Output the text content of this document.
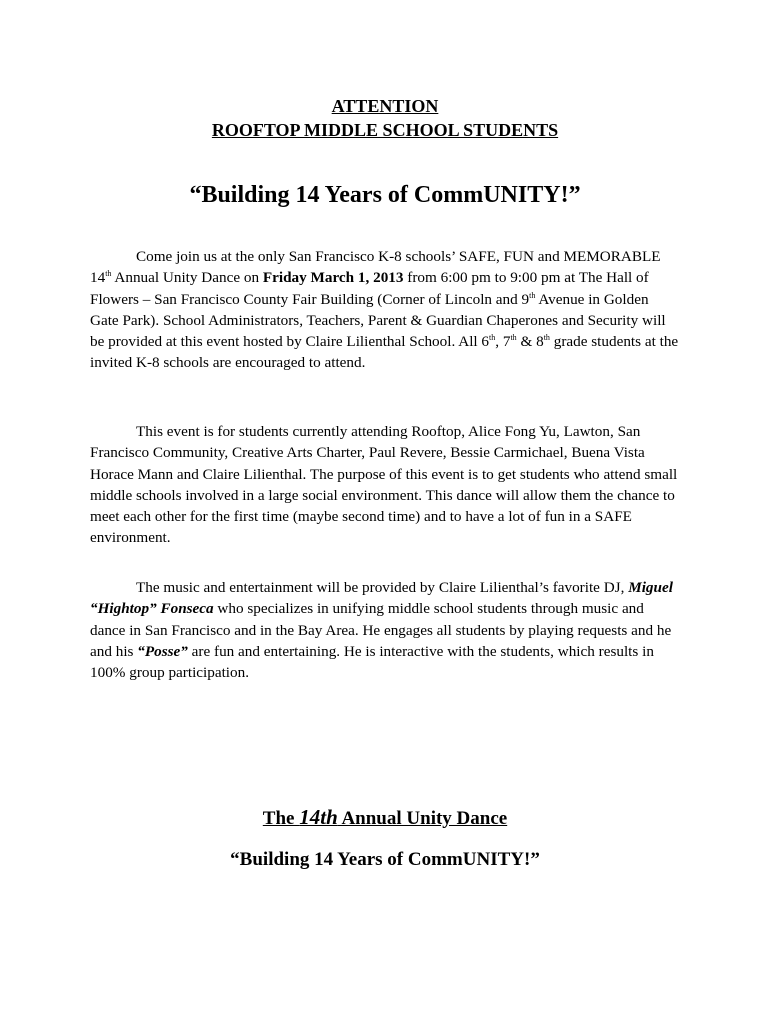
ATTENTION
ROOFTOP MIDDLE SCHOOL STUDENTS
“Building 14 Years of CommUNITY!”

Come join us at the only San Francisco K-8 schools’ SAFE, FUN and MEMORABLE 14th Annual Unity Dance on Friday March 1, 2013 from 6:00 pm to 9:00 pm at The Hall of Flowers – San Francisco County Fair Building (Corner of Lincoln and 9th Avenue in Golden Gate Park). School Administrators, Teachers, Parent & Guardian Chaperones and Security will be provided at this event hosted by Claire Lilienthal School. All 6th, 7th & 8th grade students at the invited K-8 schools are encouraged to attend.

This event is for students currently attending Rooftop, Alice Fong Yu, Lawton, San Francisco Community, Creative Arts Charter, Paul Revere, Bessie Carmichael, Buena Vista Horace Mann and Claire Lilienthal. The purpose of this event is to get students who attend small middle schools involved in a large social environment. This dance will allow them the chance to meet each other for the first time (maybe second time) and to have a lot of fun in a SAFE environment.

The music and entertainment will be provided by Claire Lilienthal’s favorite DJ, Miguel “Hightop” Fonseca who specializes in unifying middle school students through music and dance in San Francisco and in the Bay Area. He engages all students by playing requests and he and his “Posse” are fun and entertaining. He is interactive with the students, which results in 100% group participation.

The 14th Annual Unity Dance
“Building 14 Years of CommUNITY!”
